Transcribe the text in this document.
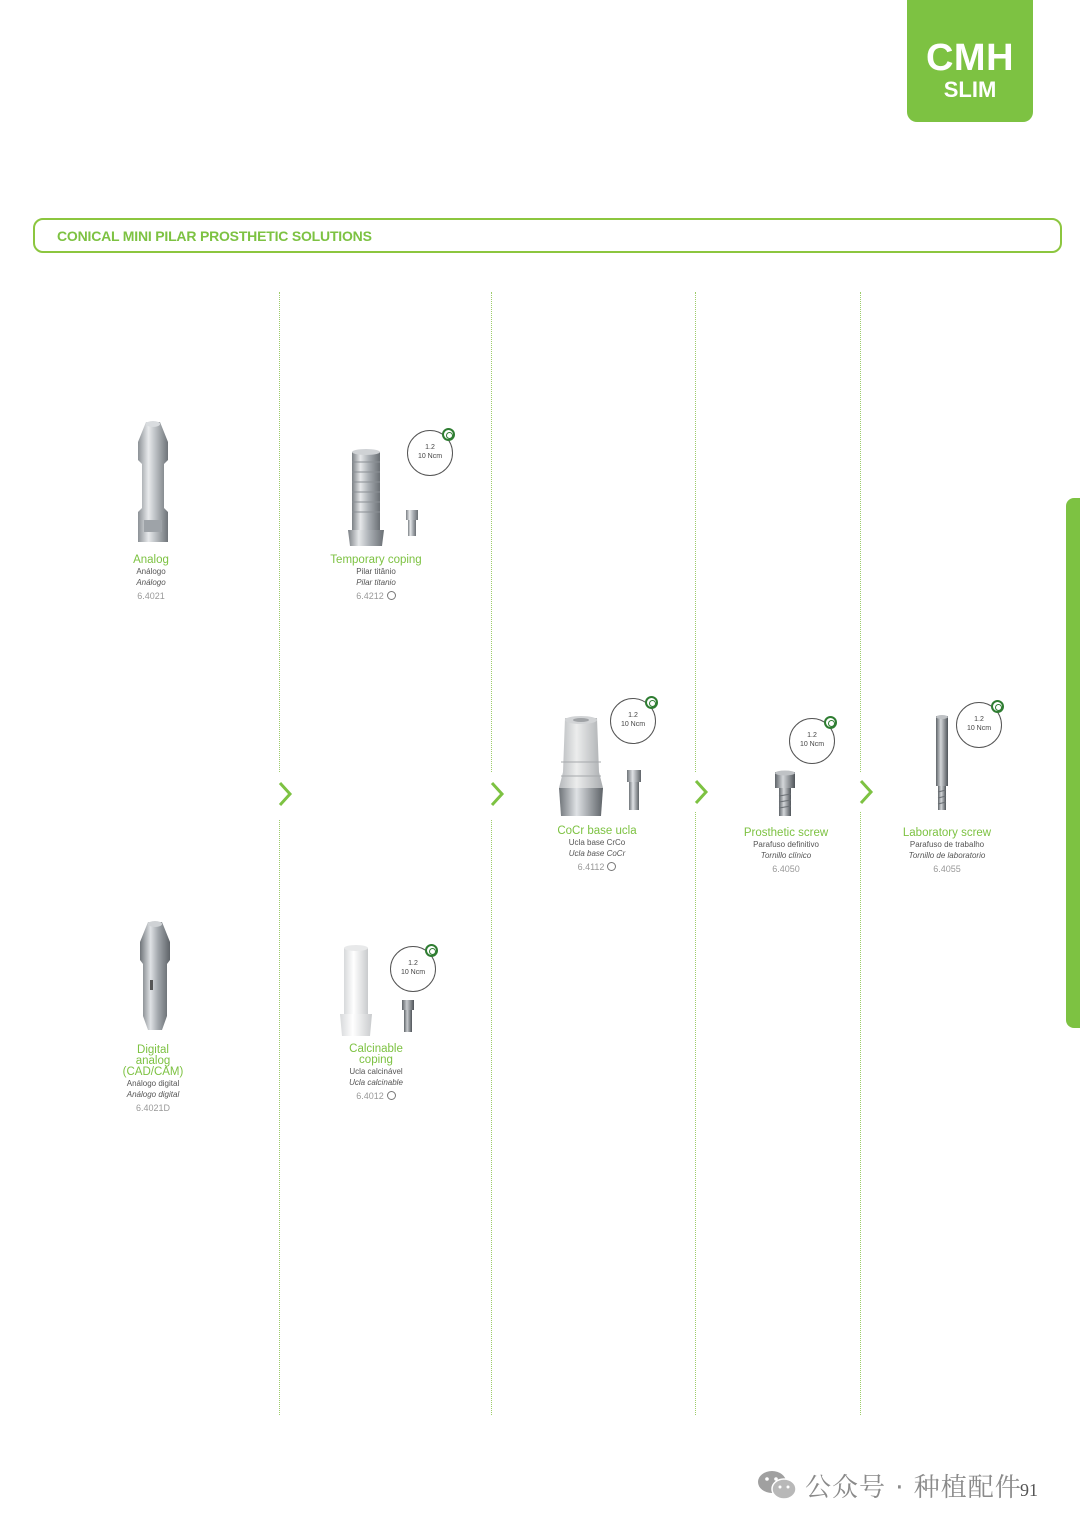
CMH
SLIM
CONICAL MINI PILAR PROSTHETIC SOLUTIONS
Analog
Análogo
Análogo
6.4021
1.2
10 Ncm
Temporary coping
Pilar titânio
Pilar titanio
6.4212
Digital
analog
(CAD/CAM)
Análogo digital
Análogo digital
6.4021D
1.2
10 Ncm
Calcinable
coping
Ucla calcinável
Ucla calcinable
6.4012
1.2
10 Ncm
CoCr base ucla
Ucla base CrCo
Ucla base CoCr
6.4112
1.2
10 Ncm
Prosthetic screw
Parafuso definitivo
Tornillo clínico
6.4050
1.2
10 Ncm
Laboratory screw
Parafuso de trabalho
Tornillo de laboratorio
6.4055
公众号 · 种植配件
91
